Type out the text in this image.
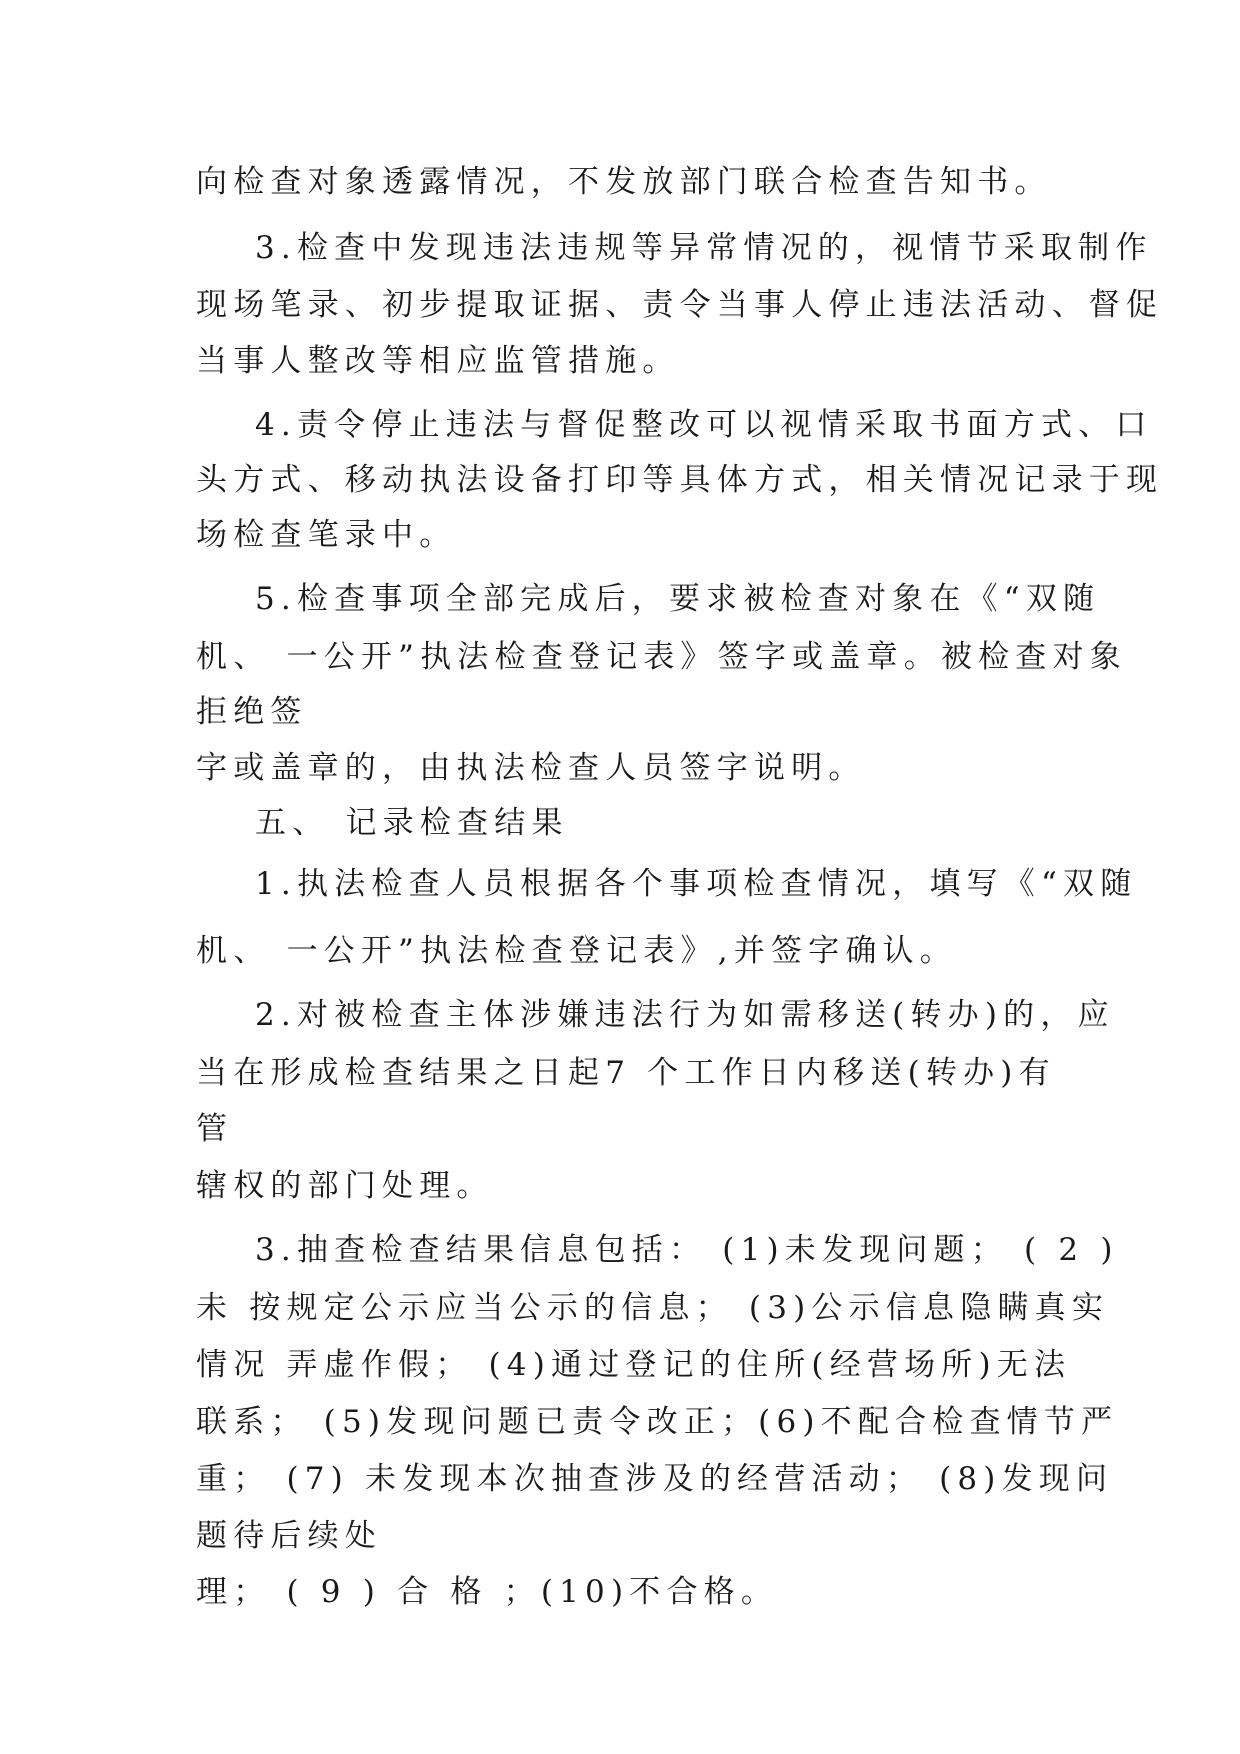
向检查对象透露情况，不发放部门联合检查告知书。
3.检查中发现违法违规等异常情况的，视情节采取制作
现场笔录、初步提取证据、责令当事人停止违法活动、督促
当事人整改等相应监管措施。
4.责令停止违法与督促整改可以视情采取书面方式、口
头方式、移动执法设备打印等具体方式，相关情况记录于现
场检查笔录中。
5.检查事项全部完成后，要求被检查对象在《“双随
机、 一公开”执法检查登记表》签字或盖章。被检查对象
拒绝签
字或盖章的，由执法检查人员签字说明。
五、 记录检查结果
1.执法检查人员根据各个事项检查情况，填写《“双随
机、 一公开”执法检查登记表》,并签字确认。
2.对被检查主体涉嫌违法行为如需移送(转办)的，应
当在形成检查结果之日起7 个工作日内移送(转办)有
管
辖权的部门处理。
3.抽查检查结果信息包括： (1)未发现问题； ( 2 )
未 按规定公示应当公示的信息； (3)公示信息隐瞒真实
情况 弄虚作假； (4)通过登记的住所(经营场所)无法
联系； (5)发现问题已责令改正；(6)不配合检查情节严
重； (7) 未发现本次抽查涉及的经营活动； (8)发现问
题待后续处
理； ( 9 ) 合 格 ；(10)不合格。
